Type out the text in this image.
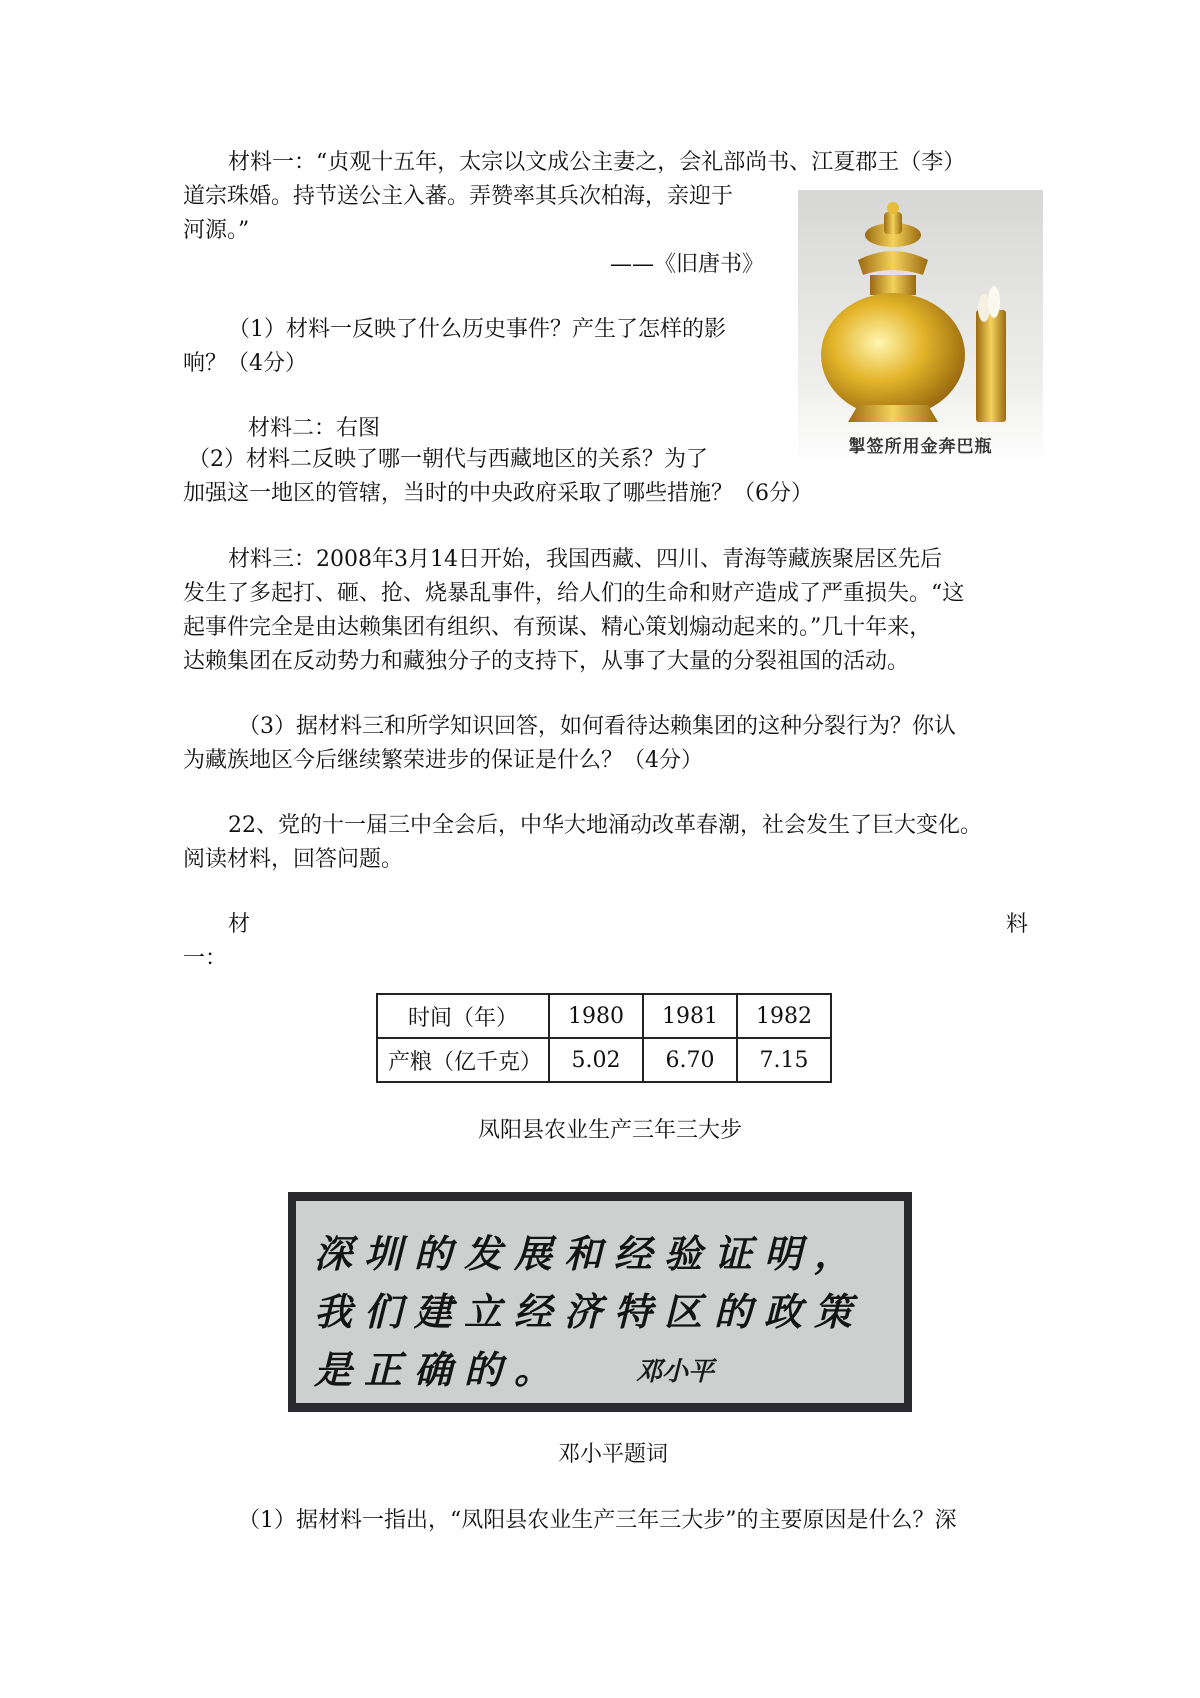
材料一：“贞观十五年，太宗以文成公主妻之，会礼部尚书、江夏郡王（李）
道宗珠婚。持节送公主入蕃。弄赞率其兵次柏海，亲迎于
河源。”
——《旧唐书》
（1）材料一反映了什么历史事件？产生了怎样的影
响？（4分）
材料二：右图
（2）材料二反映了哪一朝代与西藏地区的关系？为了
加强这一地区的管辖，当时的中央政府采取了哪些措施？（6分）
掣签所用金奔巴瓶
材料三：2008年3月14日开始，我国西藏、四川、青海等藏族聚居区先后
发生了多起打、砸、抢、烧暴乱事件，给人们的生命和财产造成了严重损失。“这
起事件完全是由达赖集团有组织、有预谋、精心策划煽动起来的。”几十年来，
达赖集团在反动势力和藏独分子的支持下，从事了大量的分裂祖国的活动。
（3）据材料三和所学知识回答，如何看待达赖集团的这种分裂行为？你认
为藏族地区今后继续繁荣进步的保证是什么？（4分）
22、党的十一届三中全会后，中华大地涌动改革春潮，社会发生了巨大变化。
阅读材料，回答问题。
材	料
一：
时间（年）	1980	1981	1982
产粮（亿千克）	5.02	6.70	7.15
凤阳县农业生产三年三大步
深圳的发展和经验证明，
我们建立经济特区的政策
是正确的。	邓小平
邓小平题词
（1）据材料一指出，“凤阳县农业生产三年三大步”的主要原因是什么？深
